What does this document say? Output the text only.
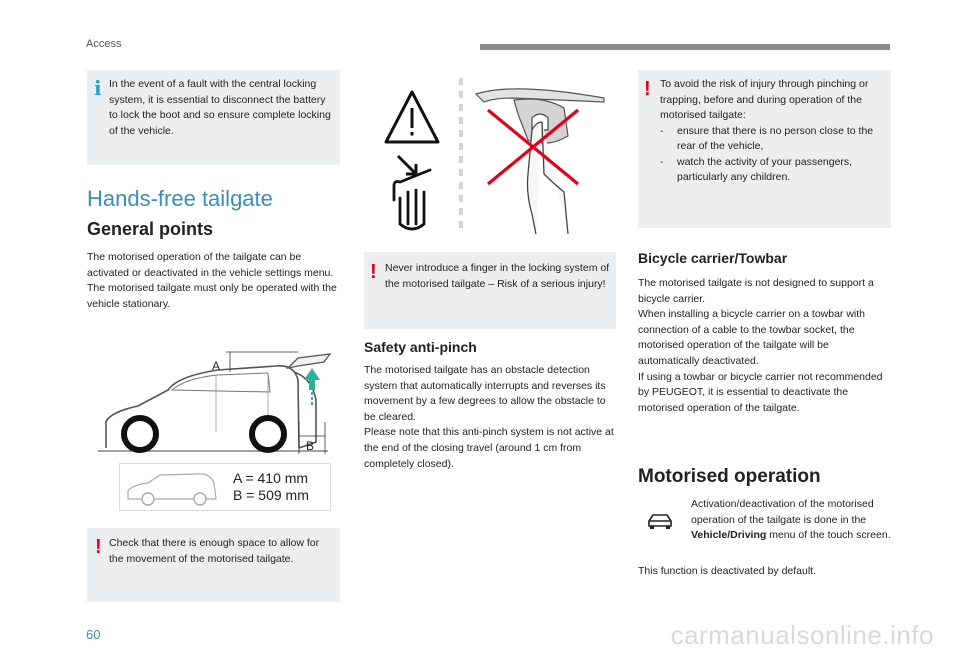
Access
i In the event of a fault with the central locking system, it is essential to disconnect the battery to lock the boot and so ensure complete locking of the vehicle.
Hands-free tailgate
General points

The motorised operation of the tailgate can be activated or deactivated in the vehicle settings menu.

The motorised tailgate must only be operated with the vehicle stationary.

A
B
A = 410 mm
B = 509 mm
! Check that there is enough space to allow for the movement of the motorised tailgate.
! Never introduce a finger in the locking system of the motorised tailgate – Risk of a serious injury!
Safety anti-pinch

The motorised tailgate has an obstacle detection system that automatically interrupts and reverses its movement by a few degrees to allow the obstacle to be cleared.

Please note that this anti-pinch system is not active at the end of the closing travel (around 1 cm from completely closed).

! To avoid the risk of injury through pinching or trapping, before and during operation of the motorised tailgate:
- ensure that there is no person close to the rear of the vehicle,
- watch the activity of your passengers, particularly any children.
Bicycle carrier/Towbar

The motorised tailgate is not designed to support a bicycle carrier.

When installing a bicycle carrier on a towbar with connection of a cable to the towbar socket, the motorised operation of the tailgate will be automatically deactivated.

If using a towbar or bicycle carrier not recommended by PEUGEOT, it is essential to deactivate the motorised operation of the tailgate.

Motorised operation
Activation/deactivation of the motorised operation of the tailgate is done in the Vehicle/Driving menu of the touch screen.
This function is deactivated by default.
60	carmanualsonline.info
